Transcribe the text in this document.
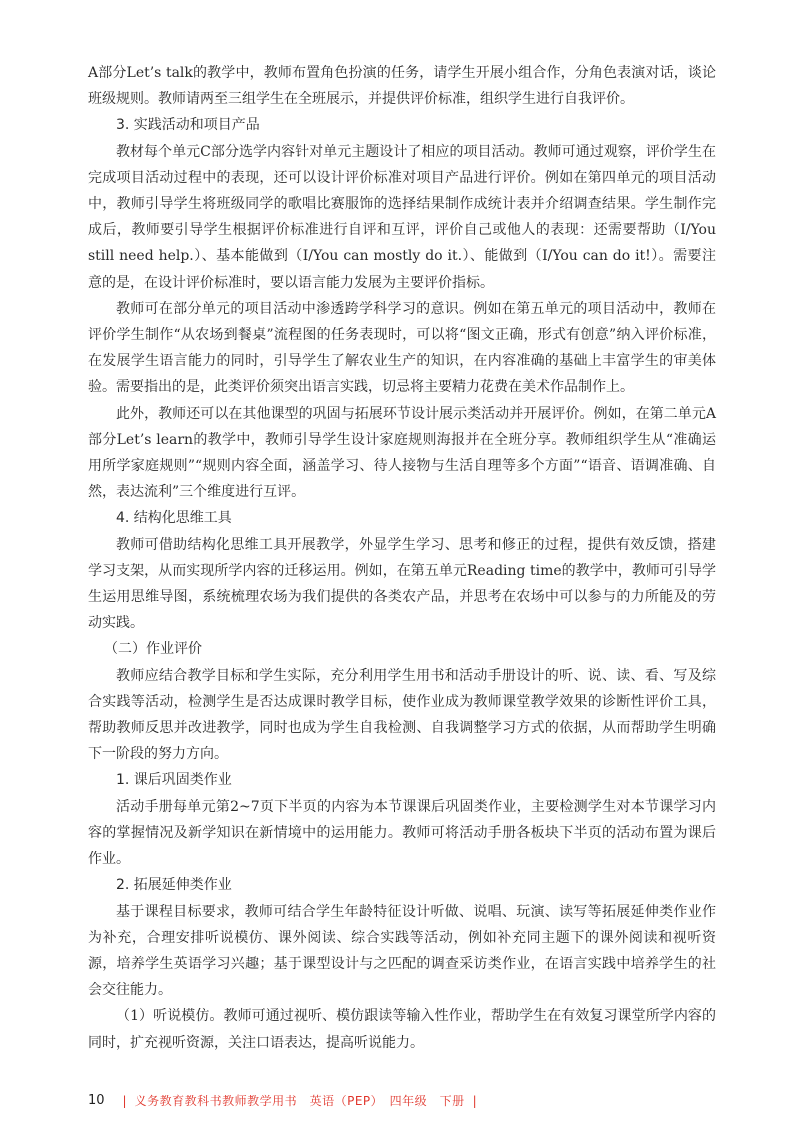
A部分Let’s talk的教学中，教师布置角色扮演的任务，请学生开展小组合作，分角色表演对话，谈论班级规则。教师请两至三组学生在全班展示，并提供评价标准，组织学生进行自我评价。

3. 实践活动和项目产品

教材每个单元C部分选学内容针对单元主题设计了相应的项目活动。教师可通过观察，评价学生在完成项目活动过程中的表现，还可以设计评价标准对项目产品进行评价。例如在第四单元的项目活动中，教师引导学生将班级同学的歌唱比赛服饰的选择结果制作成统计表并介绍调查结果。学生制作完成后，教师要引导学生根据评价标准进行自评和互评，评价自己或他人的表现：还需要帮助（I/You still need help.）、基本能做到（I/You can mostly do it.）、能做到（I/You can do it!）。需要注意的是，在设计评价标准时，要以语言能力发展为主要评价指标。

教师可在部分单元的项目活动中渗透跨学科学习的意识。例如在第五单元的项目活动中，教师在评价学生制作“从农场到餐桌”流程图的任务表现时，可以将“图文正确，形式有创意”纳入评价标准，在发展学生语言能力的同时，引导学生了解农业生产的知识，在内容准确的基础上丰富学生的审美体验。需要指出的是，此类评价须突出语言实践，切忌将主要精力花费在美术作品制作上。

此外，教师还可以在其他课型的巩固与拓展环节设计展示类活动并开展评价。例如，在第二单元A部分Let’s learn的教学中，教师引导学生设计家庭规则海报并在全班分享。教师组织学生从“准确运用所学家庭规则”“规则内容全面，涵盖学习、待人接物与生活自理等多个方面”“语音、语调准确、自然，表达流利”三个维度进行互评。

4. 结构化思维工具

教师可借助结构化思维工具开展教学，外显学生学习、思考和修正的过程，提供有效反馈，搭建学习支架，从而实现所学内容的迁移运用。例如，在第五单元Reading time的教学中，教师可引导学生运用思维导图，系统梳理农场为我们提供的各类农产品，并思考在农场中可以参与的力所能及的劳动实践。

（二）作业评价

教师应结合教学目标和学生实际，充分利用学生用书和活动手册设计的听、说、读、看、写及综合实践等活动，检测学生是否达成课时教学目标，使作业成为教师课堂教学效果的诊断性评价工具，帮助教师反思并改进教学，同时也成为学生自我检测、自我调整学习方式的依据，从而帮助学生明确下一阶段的努力方向。

1. 课后巩固类作业

活动手册每单元第2~7页下半页的内容为本节课课后巩固类作业，主要检测学生对本节课学习内容的掌握情况及新学知识在新情境中的运用能力。教师可将活动手册各板块下半页的活动布置为课后作业。

2. 拓展延伸类作业

基于课程目标要求，教师可结合学生年龄特征设计听做、说唱、玩演、读写等拓展延伸类作业作为补充，合理安排听说模仿、课外阅读、综合实践等活动，例如补充同主题下的课外阅读和视听资源，培养学生英语学习兴趣；基于课型设计与之匹配的调查采访类作业，在语言实践中培养学生的社会交往能力。

（1）听说模仿。教师可通过视听、模仿跟读等输入性作业，帮助学生在有效复习课堂所学内容的同时，扩充视听资源，关注口语表达，提高听说能力。

10 | 义务教育教科书教师教学用书　英语（PEP）　四年级　下册 |
